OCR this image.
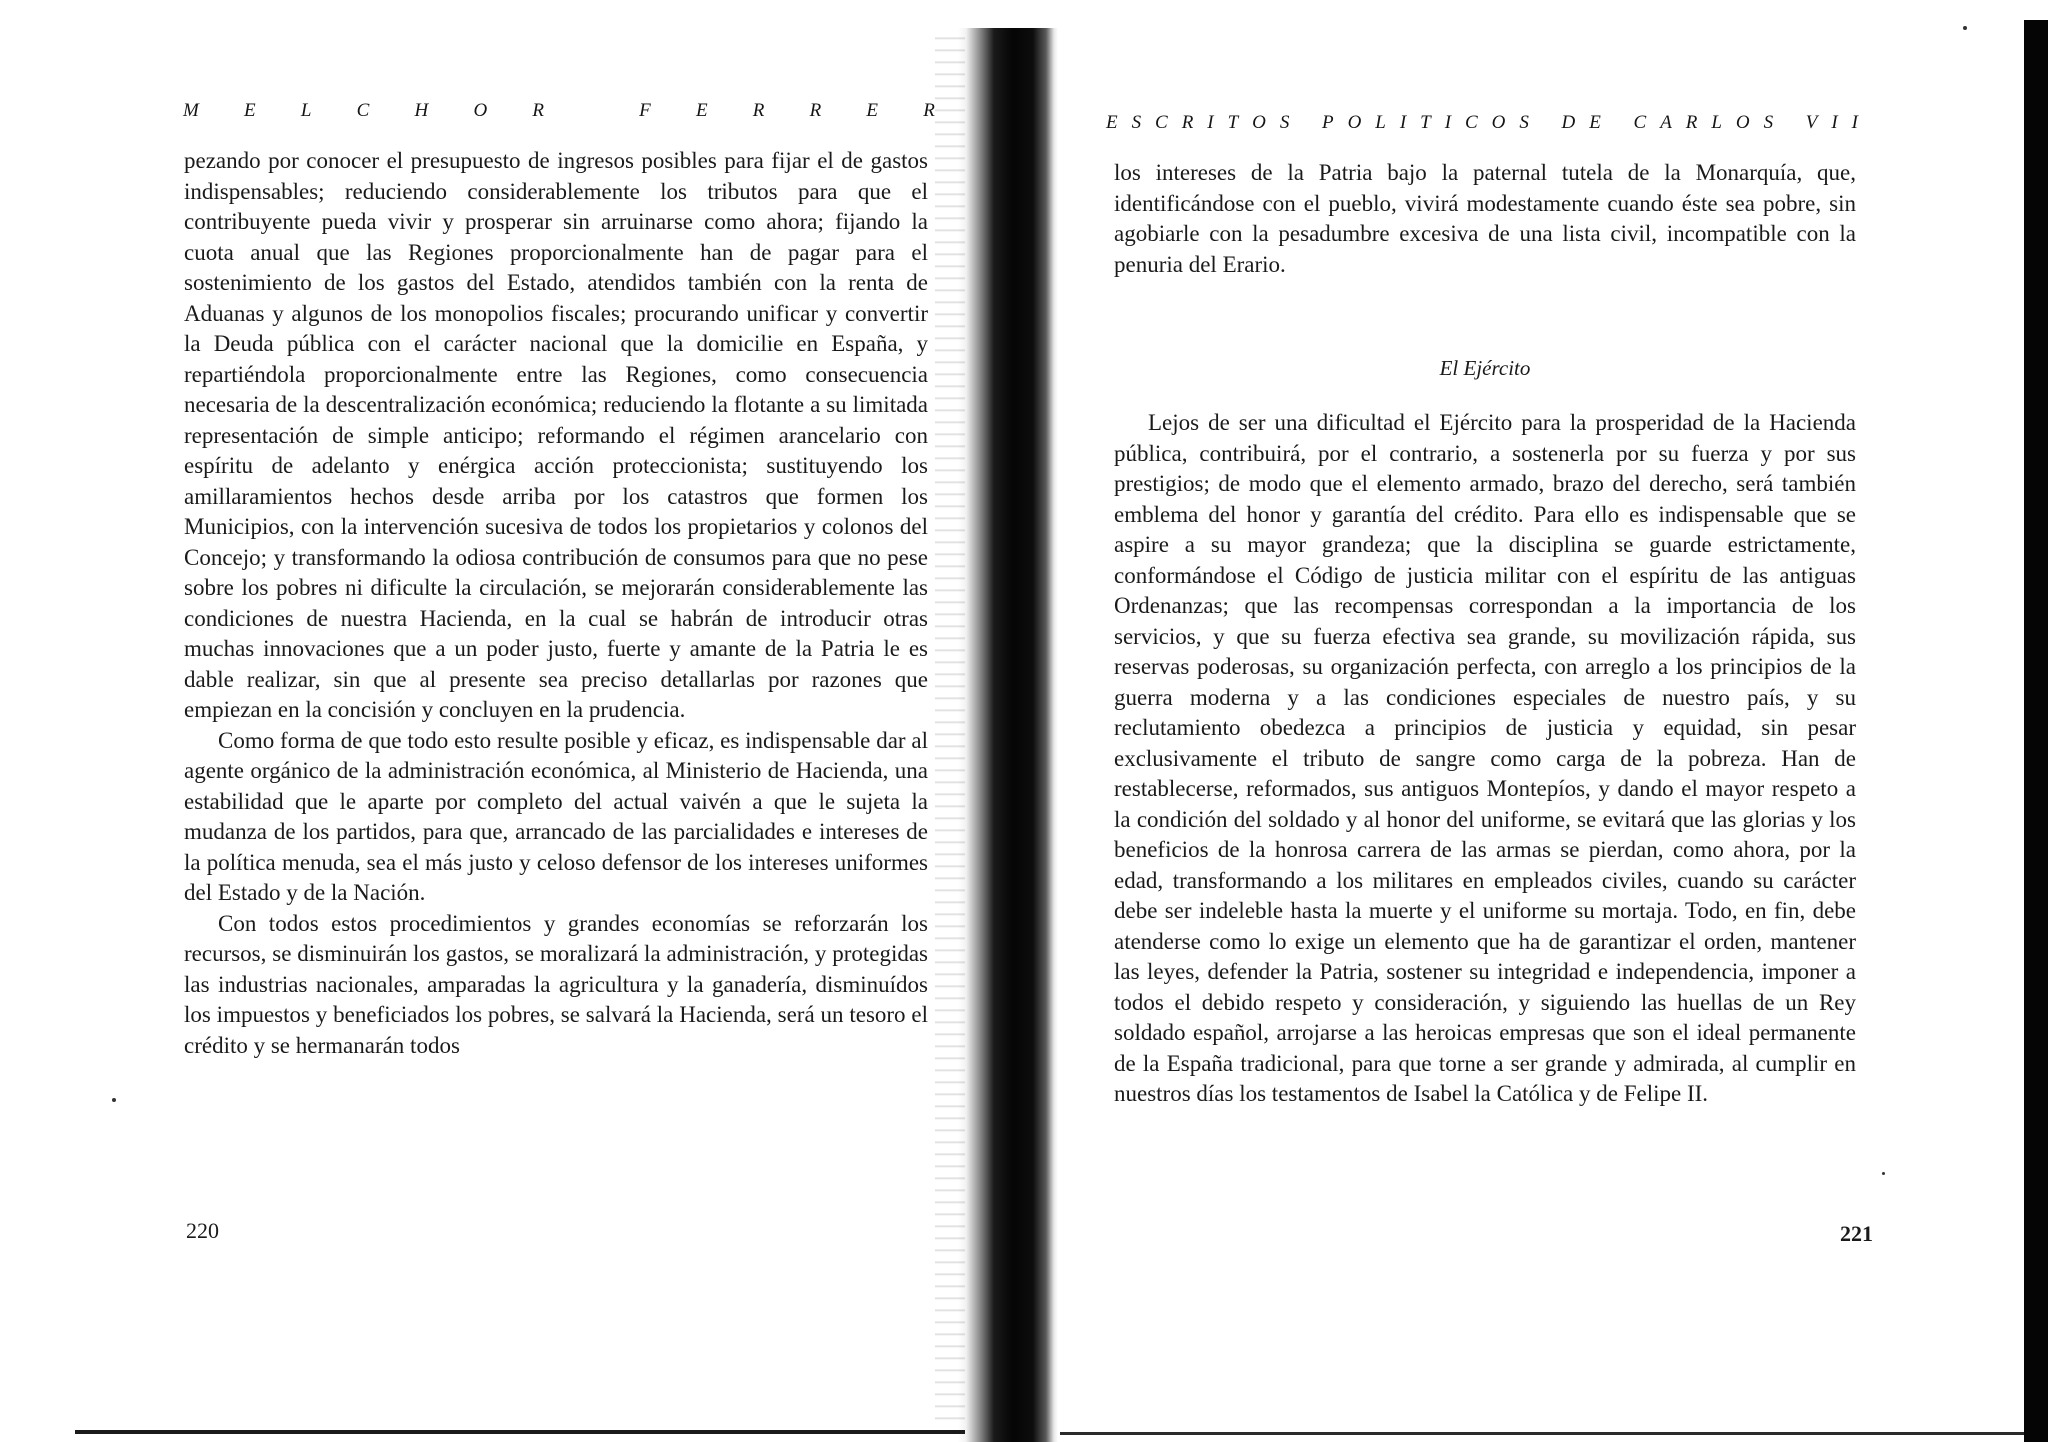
M E L C H O R
	F E R R E R

pezando por conocer el presupuesto de ingresos posibles para fijar el de gastos indispensables; reduciendo considerablemente los tributos para que el contribuyente pueda vivir y prosperar sin arruinarse como ahora; fijando la cuota anual que las Regiones proporcionalmente han de pagar para el sostenimiento de los gastos del Estado, atendidos también con la renta de Aduanas y algunos de los monopolios fiscales; procurando unificar y convertir la Deuda pública con el carácter nacional que la domicilie en España, y repartiéndola proporcionalmente entre las Regiones, como consecuencia necesaria de la descentralización económica; reduciendo la flotante a su limitada representación de simple anticipo; reformando el régimen arancelario con espíritu de adelanto y enérgica acción proteccionista; sustituyendo los amillaramientos hechos desde arriba por los catastros que formen los Municipios, con la intervención sucesiva de todos los propietarios y colonos del Concejo; y transformando la odiosa contribución de consumos para que no pese sobre los pobres ni dificulte la circulación, se mejorarán considerablemente las condiciones de nuestra Hacienda, en la cual se habrán de introducir otras muchas innovaciones que a un poder justo, fuerte y amante de la Patria le es dable realizar, sin que al presente sea preciso detallarlas por razones que empiezan en la concisión y concluyen en la prudencia.

Como forma de que todo esto resulte posible y eficaz, es indispensable dar al agente orgánico de la administración económica, al Ministerio de Hacienda, una estabilidad que le aparte por completo del actual vaivén a que le sujeta la mudanza de los partidos, para que, arrancado de las parcialidades e intereses de la política menuda, sea el más justo y celoso defensor de los intereses uniformes del Estado y de la Nación.

Con todos estos procedimientos y grandes economías se reforzarán los recursos, se disminuirán los gastos, se moralizará la administración, y protegidas las industrias nacionales, amparadas la agricultura y la ganadería, disminuídos los impuestos y beneficiados los pobres, se salvará la Hacienda, será un tesoro el crédito y se hermanarán todos

220
E S C R I T O S
P O L I T I C O S
D E
C A R L O S
V I I

los intereses de la Patria bajo la paternal tutela de la Monarquía, que, identificándose con el pueblo, vivirá modestamente cuando éste sea pobre, sin agobiarle con la pesadumbre excesiva de una lista civil, incompatible con la penuria del Erario.

El Ejército

Lejos de ser una dificultad el Ejército para la prosperidad de la Hacienda pública, contribuirá, por el contrario, a sostenerla por su fuerza y por sus prestigios; de modo que el elemento armado, brazo del derecho, será también emblema del honor y garantía del crédito. Para ello es indispensable que se aspire a su mayor grandeza; que la disciplina se guarde estrictamente, conformándose el Código de justicia militar con el espíritu de las antiguas Ordenanzas; que las recompensas correspondan a la importancia de los servicios, y que su fuerza efectiva sea grande, su movilización rápida, sus reservas poderosas, su organización perfecta, con arreglo a los principios de la guerra moderna y a las condiciones especiales de nuestro país, y su reclutamiento obedezca a principios de justicia y equidad, sin pesar exclusivamente el tributo de sangre como carga de la pobreza. Han de restablecerse, reformados, sus antiguos Montepíos, y dando el mayor respeto a la condición del soldado y al honor del uniforme, se evitará que las glorias y los beneficios de la honrosa carrera de las armas se pierdan, como ahora, por la edad, transformando a los militares en empleados civiles, cuando su carácter debe ser indeleble hasta la muerte y el uniforme su mortaja. Todo, en fin, debe atenderse como lo exige un elemento que ha de garantizar el orden, mantener las leyes, defender la Patria, sostener su integridad e independencia, imponer a todos el debido respeto y consideración, y siguiendo las huellas de un Rey soldado español, arrojarse a las heroicas empresas que son el ideal permanente de la España tradicional, para que torne a ser grande y admirada, al cumplir en nuestros días los testamentos de Isabel la Católica y de Felipe II.

221
